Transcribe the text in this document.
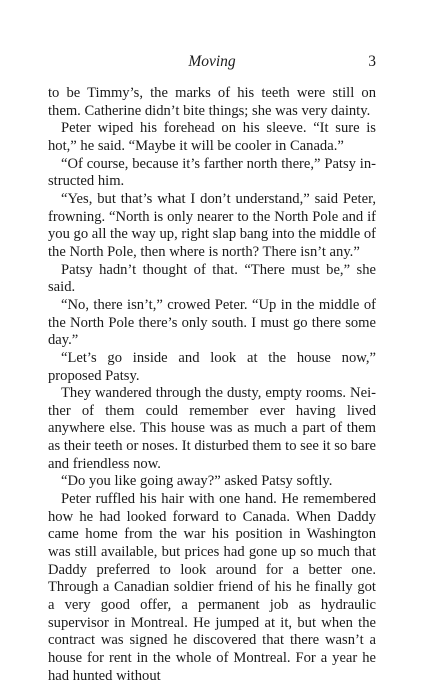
Moving	3

to be Timmy’s, the marks of his teeth were still on them. Catherine didn’t bite things; she was very dainty.

Peter wiped his forehead on his sleeve. “It sure is hot,” he said. “Maybe it will be cooler in Canada.”

“Of course, because it’s farther north there,” Patsy instructed him.

“Yes, but that’s what I don’t understand,” said Peter, frowning. “North is only nearer to the North Pole and if you go all the way up, right slap bang into the middle of the North Pole, then where is north? There isn’t any.”

Patsy hadn’t thought of that. “There must be,” she said.

“No, there isn’t,” crowed Peter. “Up in the middle of the North Pole there’s only south. I must go there some day.”

“Let’s go inside and look at the house now,” proposed Patsy.

They wandered through the dusty, empty rooms. Neither of them could remember ever having lived anywhere else. This house was as much a part of them as their teeth or noses. It disturbed them to see it so bare and friendless now.

“Do you like going away?” asked Patsy softly.

Peter ruffled his hair with one hand. He remembered how he had looked forward to Canada. When Daddy came home from the war his position in Washington was still available, but prices had gone up so much that Daddy preferred to look around for a better one. Through a Canadian soldier friend of his he finally got a very good offer, a permanent job as hydraulic supervisor in Montreal. He jumped at it, but when the contract was signed he discovered that there wasn’t a house for rent in the whole of Montreal. For a year he had hunted without
